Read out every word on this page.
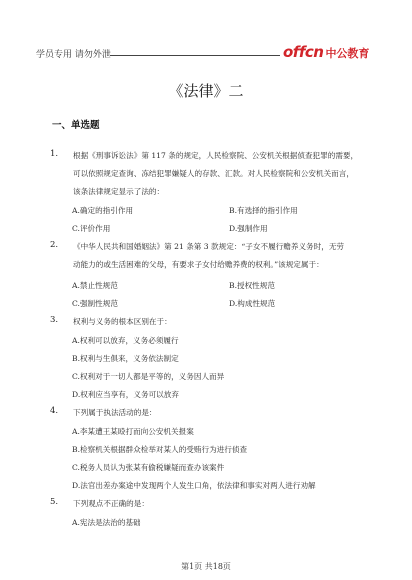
学员专用 请勿外泄	offcn 中公教育
《法律》二
一、单选题
1. 根据《刑事诉讼法》第 117 条的规定，人民检察院、公安机关根据侦查犯罪的需要，
可以依照规定查询、冻结犯罪嫌疑人的存款、汇款。对人民检察院和公安机关而言，
该条法律规定显示了法的：
A.确定的指引作用	B.有选择的指引作用
C.评价作用	D.强制作用
2. 《中华人民共和国婚姻法》第 21 条第 3 款规定：“子女不履行赡养义务时，无劳
动能力的或生活困难的父母，有要求子女付给赡养费的权利。”该规定属于：
A.禁止性规范	B.授权性规范
C.强制性规范	D.构成性规范
3. 权利与义务的根本区别在于：
A.权利可以放弃，义务必须履行
B.权利与生俱来，义务依法制定
C.权利对于一切人都是平等的，义务因人而异
D.权利应当享有，义务可以放弃
4. 下列属于执法活动的是：
A.李某遭王某殴打而向公安机关报案
B.检察机关根据群众检举对某人的受贿行为进行侦查
C.税务人员认为张某有偷税嫌疑而查办该案件
D.法官出差办案途中发现两个人发生口角，依法律和事实对两人进行劝解
5. 下列观点不正确的是：
A.宪法是法治的基础
第1页 共18页
